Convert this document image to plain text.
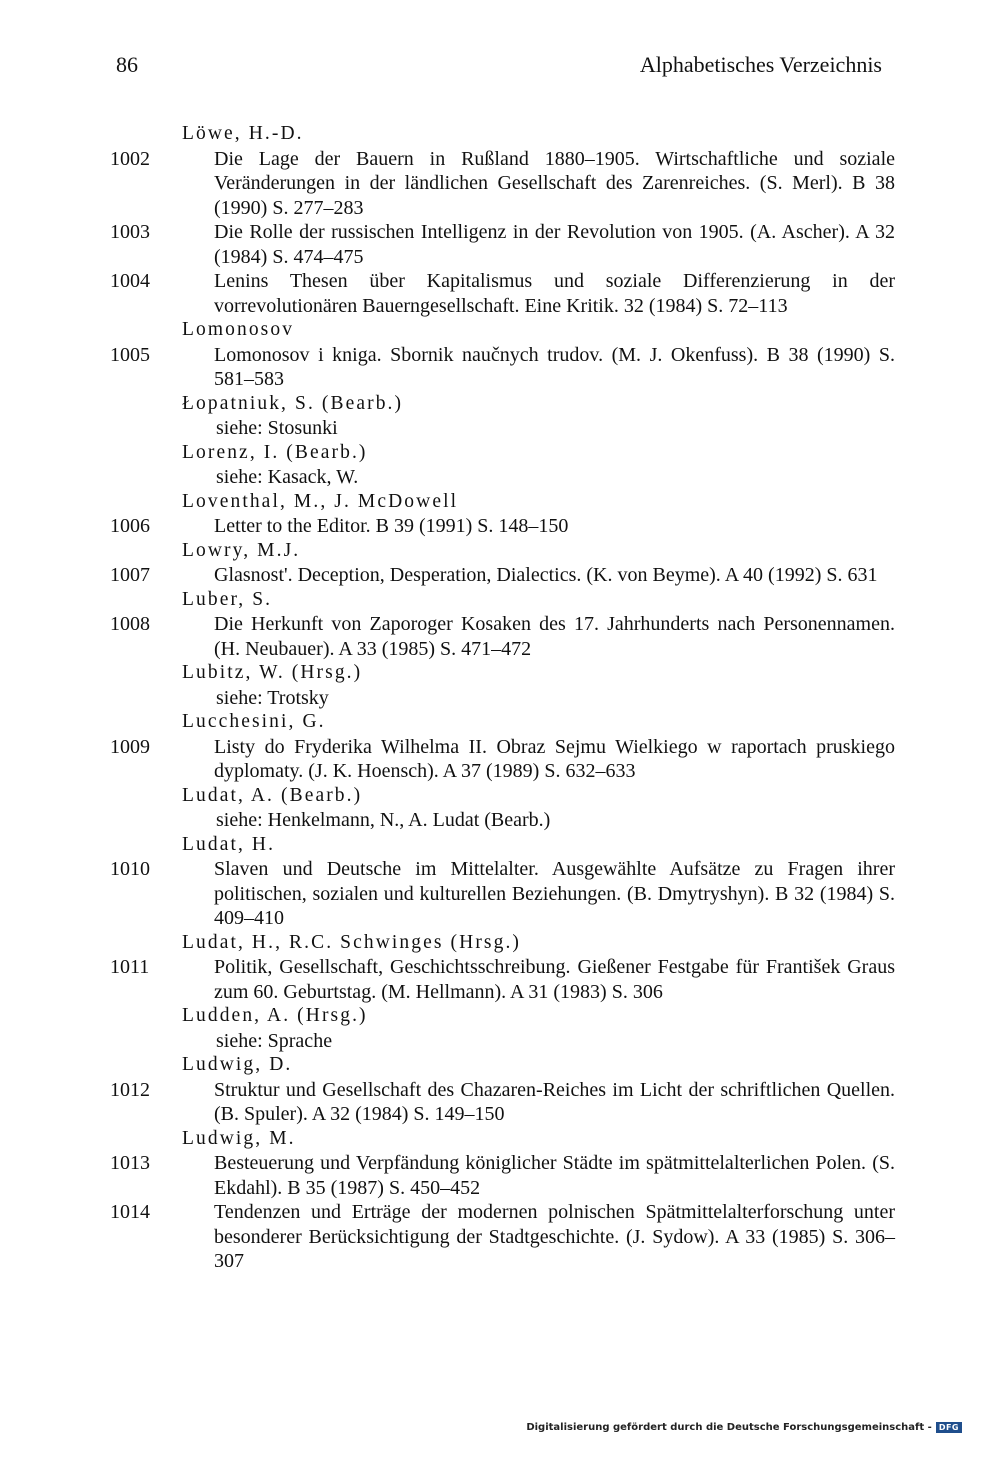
86	Alphabetisches Verzeichnis
Löwe, H.-D.
1002	Die Lage der Bauern in Rußland 1880–1905. Wirtschaftliche und soziale Veränderungen in der ländlichen Gesellschaft des Zarenreiches. (S. Merl). B 38 (1990) S. 277–283
1003	Die Rolle der russischen Intelligenz in der Revolution von 1905. (A. Ascher). A 32 (1984) S. 474–475
1004	Lenins Thesen über Kapitalismus und soziale Differenzierung in der vorrevolutionären Bauerngesellschaft. Eine Kritik. 32 (1984) S. 72–113
Lomonosov
1005	Lomonosov i kniga. Sbornik naučnych trudov. (M. J. Okenfuss). B 38 (1990) S. 581–583
Łopatniuk, S. (Bearb.)
siehe: Stosunki
Lorenz, I. (Bearb.)
siehe: Kasack, W.
Loventhal, M., J. McDowell
1006	Letter to the Editor. B 39 (1991) S. 148–150
Lowry, M.J.
1007	Glasnost'. Deception, Desperation, Dialectics. (K. von Beyme). A 40 (1992) S. 631
Luber, S.
1008	Die Herkunft von Zaporoger Kosaken des 17. Jahrhunderts nach Personennamen. (H. Neubauer). A 33 (1985) S. 471–472
Lubitz, W. (Hrsg.)
siehe: Trotsky
Lucchesini, G.
1009	Listy do Fryderika Wilhelma II. Obraz Sejmu Wielkiego w raportach pruskiego dyplomaty. (J. K. Hoensch). A 37 (1989) S. 632–633
Ludat, A. (Bearb.)
siehe: Henkelmann, N., A. Ludat (Bearb.)
Ludat, H.
1010	Slaven und Deutsche im Mittelalter. Ausgewählte Aufsätze zu Fragen ihrer politischen, sozialen und kulturellen Beziehungen. (B. Dmytryshyn). B 32 (1984) S. 409–410
Ludat, H., R.C. Schwinges (Hrsg.)
1011	Politik, Gesellschaft, Geschichtsschreibung. Gießener Festgabe für František Graus zum 60. Geburtstag. (M. Hellmann). A 31 (1983) S. 306
Ludden, A. (Hrsg.)
siehe: Sprache
Ludwig, D.
1012	Struktur und Gesellschaft des Chazaren-Reiches im Licht der schriftlichen Quellen. (B. Spuler). A 32 (1984) S. 149–150
Ludwig, M.
1013	Besteuerung und Verpfändung königlicher Städte im spätmittelalterlichen Polen. (S. Ekdahl). B 35 (1987) S. 450–452
1014	Tendenzen und Erträge der modernen polnischen Spätmittelalterforschung unter besonderer Berücksichtigung der Stadtgeschichte. (J. Sydow). A 33 (1985) S. 306–307
Digitalisierung gefördert durch die Deutsche Forschungsgemeinschaft - DFG
